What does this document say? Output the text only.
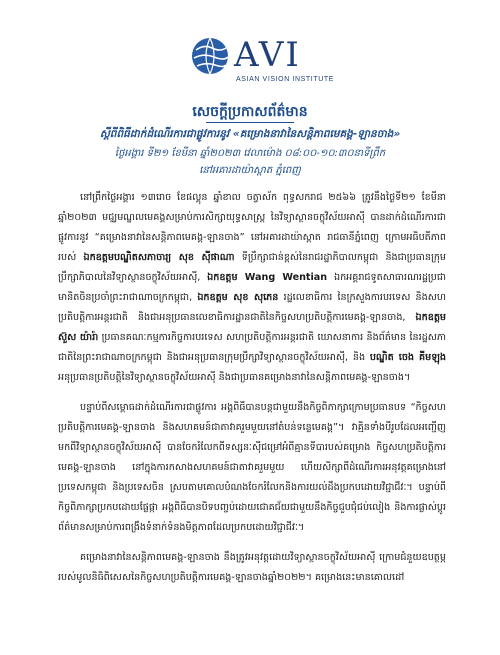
AVI
ASIAN VISION INSTITUTE
សេចក្ដីប្រកាសព័ត៌មាន
ស្ដីពីពិធីដាក់ដំណើរការជាផ្លូវការនូវ «គម្រោងនាវានៃសន្តិភាពមេគង្គ-ឡានចាង»
ថ្ងៃអង្គារ ទី២១ ខែមីនា ឆ្នាំ២០២៣ វេលាម៉ោង ០៨:០០-១០:៣០នាទីព្រឹក
នៅអគារដាយ៉ាស្ពាត ភ្នំពេញ

នៅព្រឹកថ្ងៃអង្គារ ១៣រោច ខែផល្គុន ឆ្នាំខាល ចត្វាស័ក ពុទ្ធសករាជ ២៥៦៦ ត្រូវនឹងថ្ងៃទី២១ ខែមីនា ឆ្នាំ២០២៣ មជ្ឈមណ្ឌលមេគង្គសម្រាប់ការសិក្សាយុទ្ធសាស្ត្រ នៃវិទ្យាស្ថានចក្ខុវិស័យអាស៊ី បានដាក់ដំណើរការជាផ្លូវការនូវ “គម្រោងនាវានៃសន្តិភាពមេគង្គ-ឡានចាង” នៅអគារដាយ៉ាស្ពាត រាជធានីភ្នំពេញ ក្រោមអធិបតីភាពរបស់ ឯកឧត្តមបណ្ឌិតសភាចារ្យ សុខ ស៊ីផាណា ទីប្រឹក្សាជាន់ខ្ពស់នៃរាជរដ្ឋាភិបាលកម្ពុជា និងជាប្រធានក្រុមប្រឹក្សាភិបាលនៃវិទ្យាស្ថានចក្ខុវិស័យអាស៊ី, ឯកឧត្តម Wang Wentian ឯកអគ្គរាជទូតសាធារណរដ្ឋប្រជាមានិតចិនប្រចាំព្រះរាជាណាចក្រកម្ពុជា, ឯកឧត្តម សុខ សុភេន រដ្ឋលេខាធិការ នៃក្រសួងការបរទេស និងសហប្រតិបត្តិការអន្តរជាតិ និងជាអនុប្រធានលេខាធិការដ្ឋានជាតិនៃកិច្ចសហប្រតិបត្តិការមេគង្គ-ឡានចាង, ឯកឧត្តម ស៊ួស យ៉ារ៉ា ប្រធានគណៈកម្មការកិច្ចការបរទេស សហប្រតិបត្តិការអន្តរជាតិ ឃោសនាការ និងព័ត៌មាន នៃរដ្ឋសភាជាតិនៃព្រះរាជាណាចក្រកម្ពុជា និងជាអនុប្រធានក្រុមប្រឹក្សាវិទ្យាស្ថានចក្ខុវិស័យអាស៊ី, និង បណ្ឌិត ចេង គីមឡុង អនុប្រធានប្រតិបត្តិនៃវិទ្យាស្ថានចក្ខុវិស័យអាស៊ី និងជាប្រធានគម្រោងនាវានៃសន្តិភាពមេគង្គ-ឡានចាង។

បន្ទាប់ពីសម្ពោធដាក់ដំណើរការជាផ្លូវការ អង្គពិធីបានបន្តជាមួយនឹងកិច្ចពិភាក្សាក្រោមប្រធានបទ “កិច្ចសហប្រតិបត្តិការមេគង្គ-ឡានចាង និងសហគមន៍ជាតាវាគរួមមួយនៅតំបន់ទន្លេមេគង្គ”។ វាគ្មិនទាំងបីរូបដែលអញ្ជើញមកពីវិទ្យាស្ថានចក្ខុវិស័យអាស៊ី បានចែករំលែកពីទស្សនៈស៊ីជម្រៅអំពីគ្មានទីបារបស់គម្រោង កិច្ចសហប្រតិបត្តិការមេគង្គ-ឡានចាង នៅក្នុងការកសាងសហគមន៍ជាតាវាគរួមមួយ ហើយសិក្សាពីដំណើរការអនុវត្តគម្រោងនៅប្រទេសកម្ពុជា និងប្រទេសចិន ស្របតាមគោលបំណងចែករំលែកនិងការយល់ដឹងប្រកបដោយវិជ្ជាជីវៈ។ បន្ទាប់ពីកិច្ចពិភាក្សាប្រកបដោយផ្លែផ្កា អង្គពិធីបានបិទបញ្ចប់ដោយជោគជ័យជាមួយនឹងកិច្ចជួបជុំជប់លៀង និងការផ្លាស់ប្ដូរព័ត៌មានសម្រាប់ការពង្រឹងទំនាក់ទំនងមិត្តភាពដែលប្រកបដោយវិជ្ជាជីវៈ។

គម្រោងនាវានៃសន្តិភាពមេគង្គ-ឡានចាង នឹងត្រូវអនុវត្តដោយវិទ្យាស្ថានចក្ខុវិស័យអាស៊ី ក្រោមជំនួយឧបត្ថម្ភរបស់មូលនិធិពិសេសនៃកិច្ចសហប្រតិបត្តិការមេគង្គ-ឡានចាងឆ្នាំ២០២២។ គម្រោងនេះមានគោលដៅ
